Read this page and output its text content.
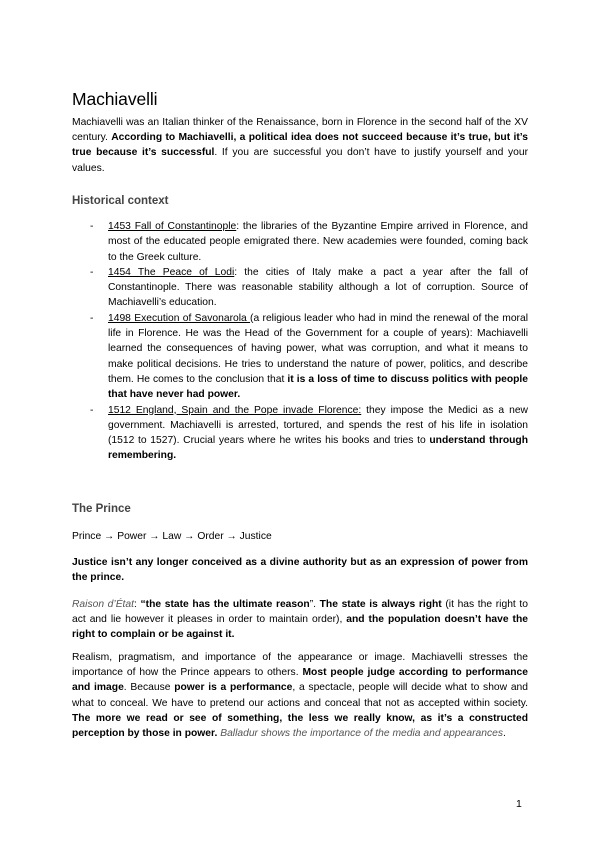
Machiavelli

Machiavelli was an Italian thinker of the Renaissance, born in Florence in the second half of the XV century. According to Machiavelli, a political idea does not succeed because it’s true, but it’s true because it’s successful. If you are successful you don’t have to justify yourself and your values.

Historical context
- 1453 Fall of Constantinople: the libraries of the Byzantine Empire arrived in Florence, and most of the educated people emigrated there. New academies were founded, coming back to the Greek culture.
- 1454 The Peace of Lodi: the cities of Italy make a pact a year after the fall of Constantinople. There was reasonable stability although a lot of corruption. Source of Machiavelli’s education.
- 1498 Execution of Savonarola (a religious leader who had in mind the renewal of the moral life in Florence. He was the Head of the Government for a couple of years): Machiavelli learned the consequences of having power, what was corruption, and what it means to make political decisions. He tries to understand the nature of power, politics, and describe them. He comes to the conclusion that it is a loss of time to discuss politics with people that have never had power.
- 1512 England, Spain and the Pope invade Florence: they impose the Medici as a new government. Machiavelli is arrested, tortured, and spends the rest of his life in isolation (1512 to 1527). Crucial years where he writes his books and tries to understand through remembering.
The Prince

Prince → Power → Law → Order → Justice

Justice isn’t any longer conceived as a divine authority but as an expression of power from the prince.

Raison d’État: “the state has the ultimate reason”. The state is always right (it has the right to act and lie however it pleases in order to maintain order), and the population doesn’t have the right to complain or be against it.

Realism, pragmatism, and importance of the appearance or image. Machiavelli stresses the importance of how the Prince appears to others. Most people judge according to performance and image. Because power is a performance, a spectacle, people will decide what to show and what to conceal. We have to pretend our actions and conceal that not as accepted within society. The more we read or see of something, the less we really know, as it’s a constructed perception by those in power. Balladur shows the importance of the media and appearances.

1
